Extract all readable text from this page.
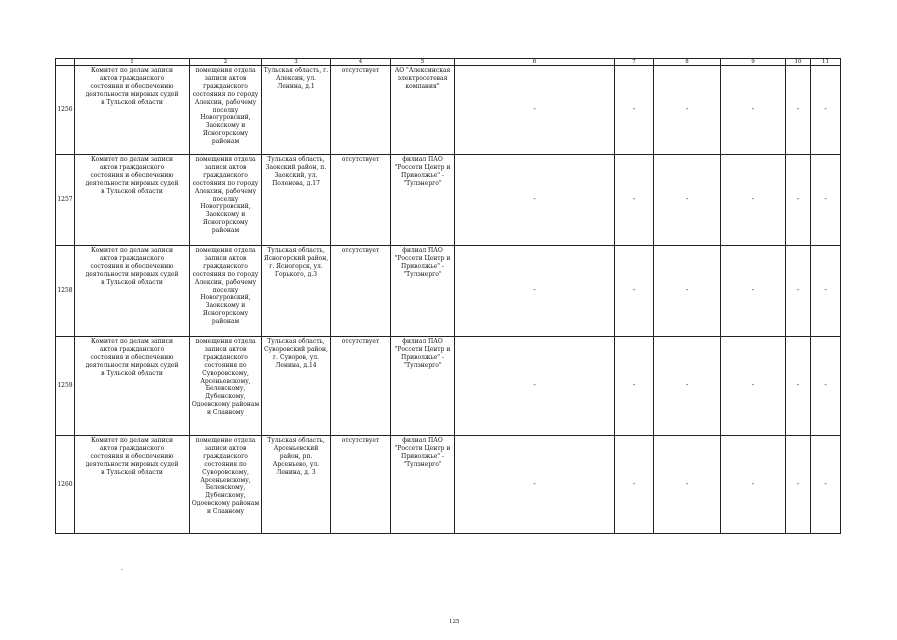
	1	2	3	4	5	6	7	8	9	10	11
1256	Комитет по делам записи актов гражданского состояния и обеспечению деятельности мировых судей в Тульской области	помещения отдела записи актов гражданского состояния по городу Алексин, рабочему поселку Новогуровский, Заокскому и Ясногорскому районам	Тульская область, г. Алексин, ул. Ленина, д.1	отсутствует	АО "Алексинская электросетевая компания"	-	-	-	-	-	-
1257	Комитет по делам записи актов гражданского состояния и обеспечению деятельности мировых судей в Тульской области	помещения отдела записи актов гражданского состояния по городу Алексин, рабочему поселку Новогуровский, Заокскому и Ясногорскому районам	Тульская область, Заокский район, п. Заокский, ул. Поленова, д.17	отсутствует	филиал ПАО "Россети Центр и Приволжье" - "Тулэнерго"	-	-	-	-	-	-
1258	Комитет по делам записи актов гражданского состояния и обеспечению деятельности мировых судей в Тульской области	помещения отдела записи актов гражданского состояния по городу Алексин, рабочему поселку Новогуровский, Заокскому и Ясногорскому районам	Тульская область, Ясногорский район, г. Ясногорск, ул. Горького, д.3	отсутствует	филиал ПАО "Россети Центр и Приволжье" - "Тулэнерго"	-	-	-	-	-	-
1259	Комитет по делам записи актов гражданского состояния и обеспечению деятельности мировых судей в Тульской области	помещения отдела записи актов гражданского состояния по Суворовскому, Арсеньевскому, Белевскому, Дубенскому, Одоевскому районам и Славному	Тульская область, Суворовский район, г. Суворов, ул. Ленина, д.14	отсутствует	филиал ПАО "Россети Центр и Приволжье" - "Тулэнерго"	-	-	-	-	-	-
1260	Комитет по делам записи актов гражданского состояния и обеспечению деятельности мировых судей в Тульской области	помещение отдела записи актов гражданского состояния по Суворовскому, Арсеньевскому, Белевскому, Дубенскому, Одоевскому районам и Славному	Тульская область, Арсеньевский район, рп. Арсеньево, ул. Ленина, д. 3	отсутствует	филиал ПАО "Россети Центр и Приволжье" - "Тулэнерго"	-	-	-	-	-	-
-
125
